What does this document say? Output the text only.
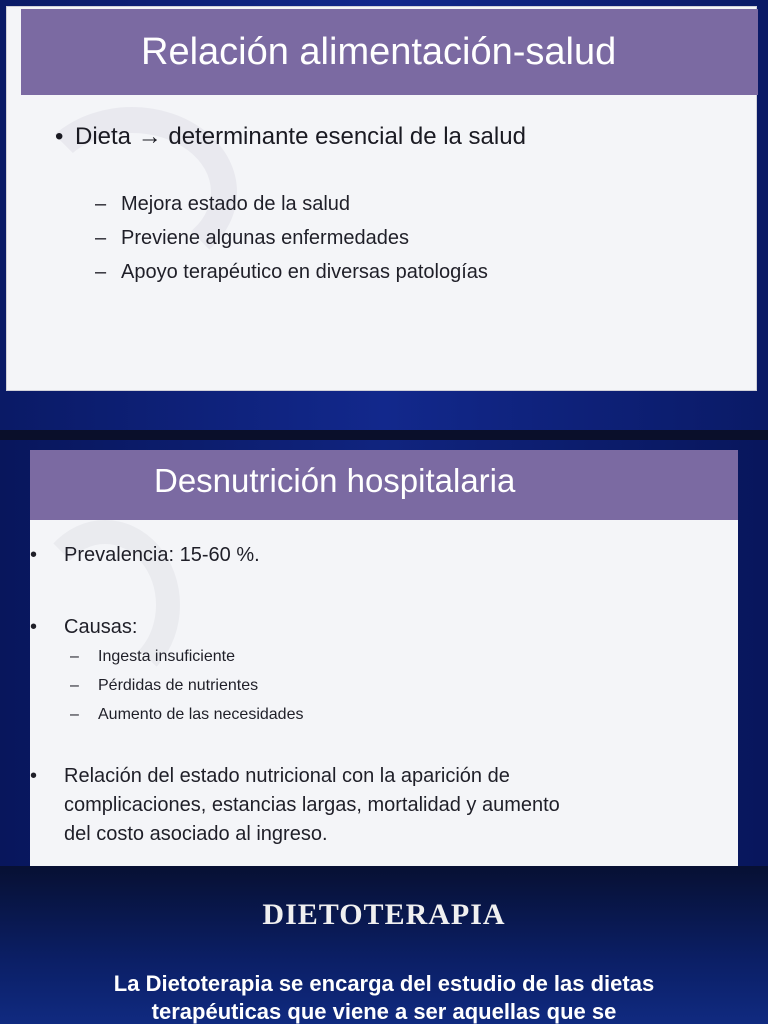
Relación alimentación-salud
• Dieta → determinante esencial de la salud
– Mejora estado de la salud
– Previene algunas enfermedades
– Apoyo terapéutico en diversas patologías
Desnutrición hospitalaria
• Prevalencia: 15-60 %.
• Causas:
– Ingesta insuficiente
– Pérdidas de nutrientes
– Aumento de las necesidades
• Relación del estado nutricional con la aparición de
complicaciones, estancias largas, mortalidad y aumento
del costo asociado al ingreso.
DIETOTERAPIA
La Dietoterapia se encarga del estudio de las dietas
terapéuticas que viene a ser aquellas que se
